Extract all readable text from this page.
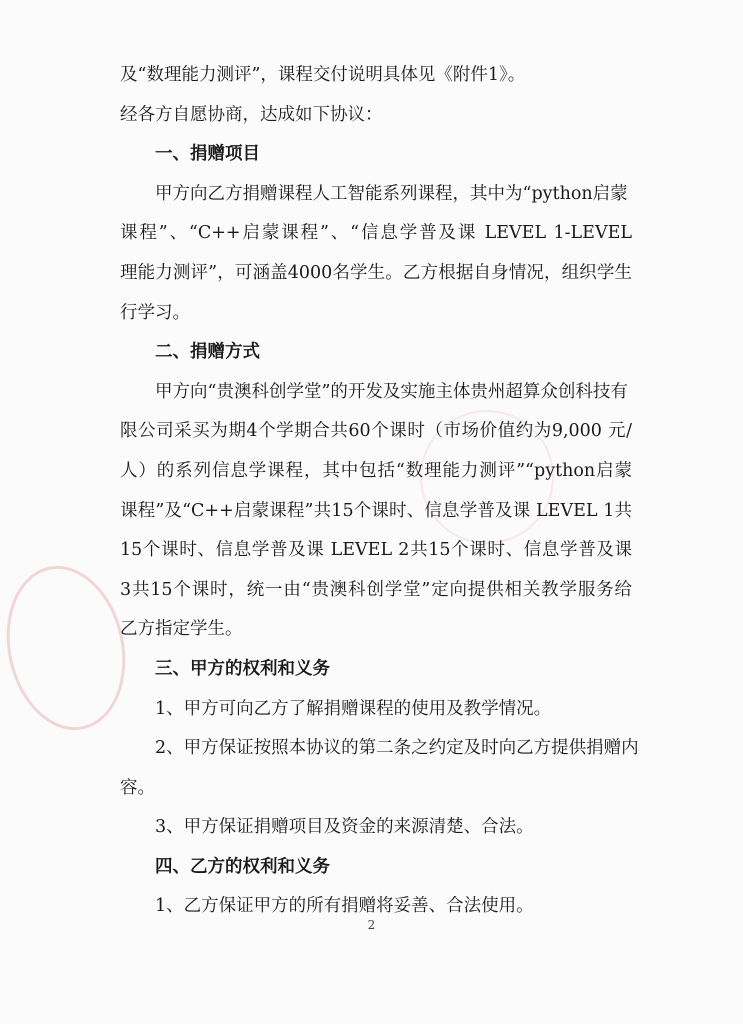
及“数理能力测评”，课程交付说明具体见《附件1》。
经各方自愿协商，达成如下协议：
一、捐赠项目
甲方向乙方捐赠课程人工智能系列课程，其中为“python启蒙
课程”、“C++启蒙课程”、“信息学普及课 LEVEL 1-LEVEL
理能力测评”，可涵盖4000名学生。乙方根据自身情况，组织学生
行学习。
二、捐赠方式
甲方向“贵澳科创学堂”的开发及实施主体贵州超算众创科技有
限公司采买为期4个学期合共60个课时（市场价值约为9,000 元/
人）的系列信息学课程，其中包括“数理能力测评”“python启蒙
课程”及“C++启蒙课程”共15个课时、信息学普及课 LEVEL 1共
15个课时、信息学普及课 LEVEL 2共15个课时、信息学普及课
3共15个课时，统一由“贵澳科创学堂”定向提供相关教学服务给
乙方指定学生。
三、甲方的权利和义务
1、甲方可向乙方了解捐赠课程的使用及教学情况。
2、甲方保证按照本协议的第二条之约定及时向乙方提供捐赠内
容。
3、甲方保证捐赠项目及资金的来源清楚、合法。
四、乙方的权利和义务
1、乙方保证甲方的所有捐赠将妥善、合法使用。
2
